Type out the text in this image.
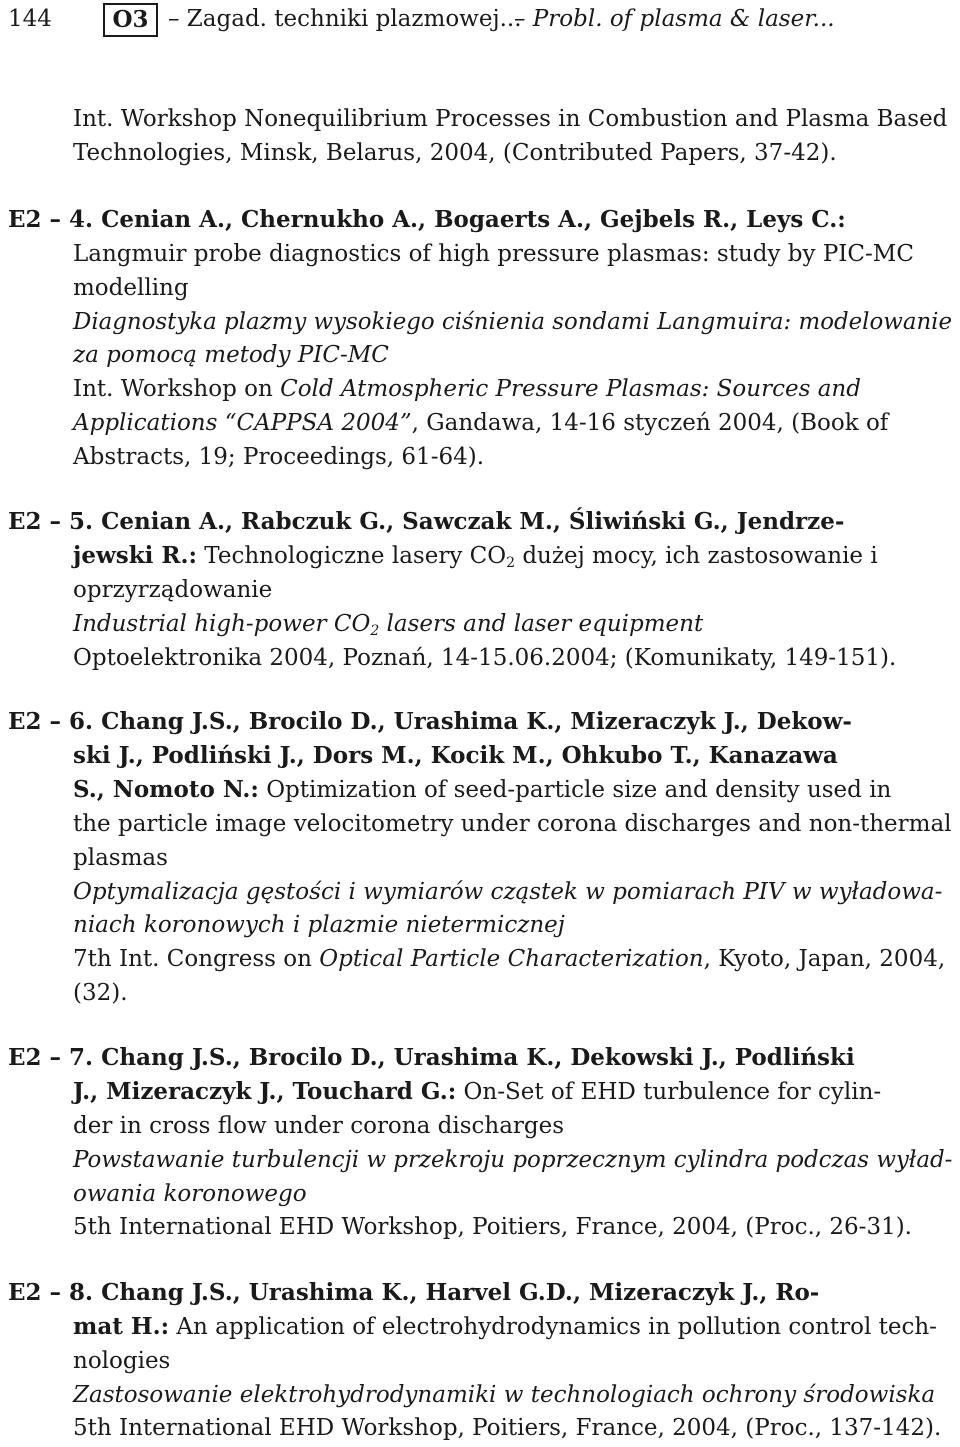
144	O3 – Zagad. techniki plazmowej...
– Probl. of plasma & laser...
Int. Workshop Nonequilibrium Processes in Combustion and Plasma Based
Technologies, Minsk, Belarus, 2004, (Contributed Papers, 37-42).
E2 – 4. Cenian A., Chernukho A., Bogaerts A., Gejbels R., Leys C.:
Langmuir probe diagnostics of high pressure plasmas: study by PIC-MC
modelling
Diagnostyka plazmy wysokiego ciśnienia sondami Langmuira: modelowanie
za pomocą metody PIC-MC
Int. Workshop on Cold Atmospheric Pressure Plasmas: Sources and
Applications “CAPPSA 2004”, Gandawa, 14-16 styczeń 2004, (Book of
Abstracts, 19; Proceedings, 61-64).
E2 – 5. Cenian A., Rabczuk G., Sawczak M., Śliwiński G., Jendrze-
jewski R.: Technologiczne lasery $CO_2$ dużej mocy, ich zastosowanie i
oprzyrządowanie
Industrial high-power $CO_2$ lasers and laser equipment
Optoelektronika 2004, Poznań, 14-15.06.2004; (Komunikaty, 149-151).
E2 – 6. Chang J.S., Brocilo D., Urashima K., Mizeraczyk J., Dekow-
ski J., Podliński J., Dors M., Kocik M., Ohkubo T., Kanazawa
S., Nomoto N.: Optimization of seed-particle size and density used in
the particle image velocitometry under corona discharges and non-thermal
plasmas
Optymalizacja gęstości i wymiarów cząstek w pomiarach PIV w wyładowa-
niach koronowych i plazmie nietermicznej
7th Int. Congress on Optical Particle Characterization, Kyoto, Japan, 2004,
(32).
E2 – 7. Chang J.S., Brocilo D., Urashima K., Dekowski J., Podliński
J., Mizeraczyk J., Touchard G.: On-Set of EHD turbulence for cylin-
der in cross flow under corona discharges
Powstawanie turbulencji w przekroju poprzecznym cylindra podczas wyład-
owania koronowego
5th International EHD Workshop, Poitiers, France, 2004, (Proc., 26-31).
E2 – 8. Chang J.S., Urashima K., Harvel G.D., Mizeraczyk J., Ro-
mat H.: An application of electrohydrodynamics in pollution control tech-
nologies
Zastosowanie elektrohydrodynamiki w technologiach ochrony środowiska
5th International EHD Workshop, Poitiers, France, 2004, (Proc., 137-142).
